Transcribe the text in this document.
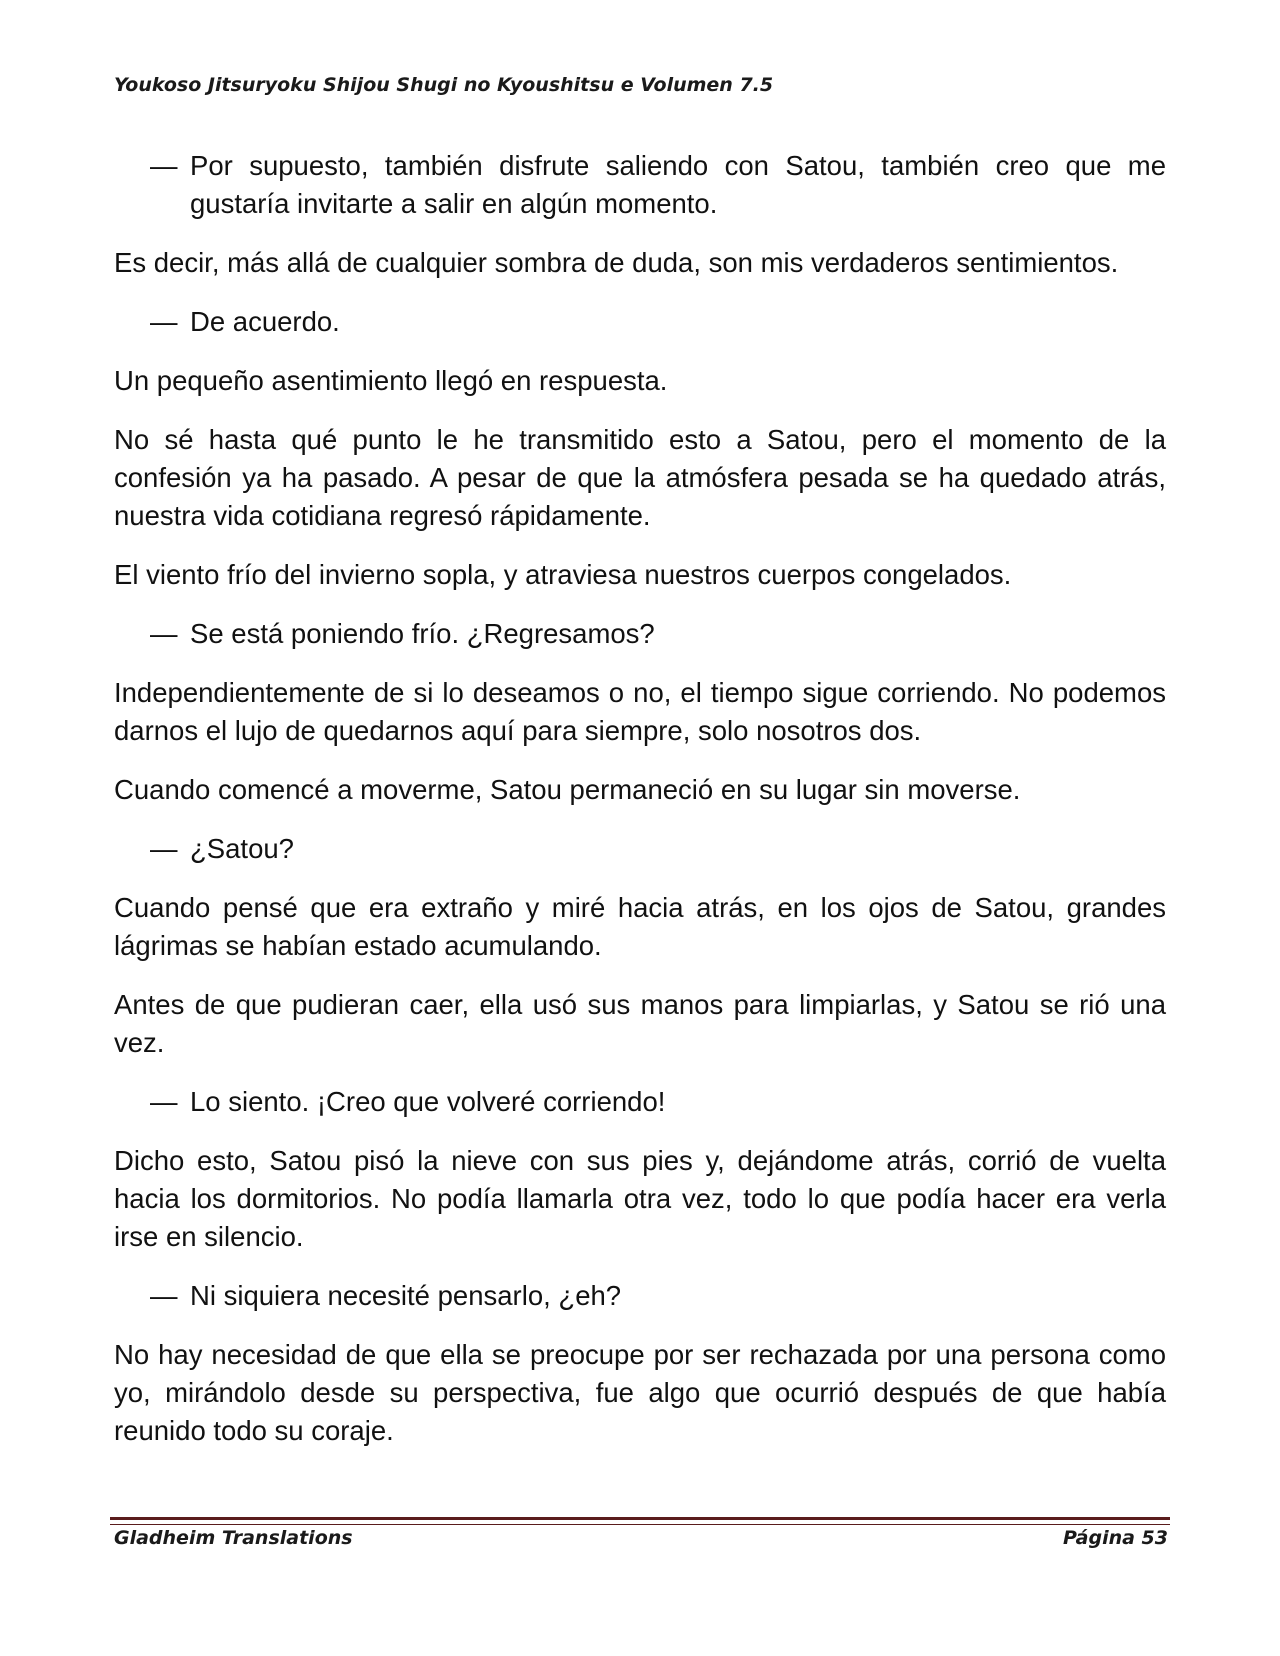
Youkoso Jitsuryoku Shijou Shugi no Kyoushitsu e Volumen 7.5

— Por supuesto, también disfrute saliendo con Satou, también creo que me gustaría invitarte a salir en algún momento.

Es decir, más allá de cualquier sombra de duda, son mis verdaderos sentimientos.

— De acuerdo.

Un pequeño asentimiento llegó en respuesta.

No sé hasta qué punto le he transmitido esto a Satou, pero el momento de la confesión ya ha pasado. A pesar de que la atmósfera pesada se ha quedado atrás, nuestra vida cotidiana regresó rápidamente.

El viento frío del invierno sopla, y atraviesa nuestros cuerpos congelados.

— Se está poniendo frío. ¿Regresamos?

Independientemente de si lo deseamos o no, el tiempo sigue corriendo. No podemos darnos el lujo de quedarnos aquí para siempre, solo nosotros dos.

Cuando comencé a moverme, Satou permaneció en su lugar sin moverse.

— ¿Satou?

Cuando pensé que era extraño y miré hacia atrás, en los ojos de Satou, grandes lágrimas se habían estado acumulando.

Antes de que pudieran caer, ella usó sus manos para limpiarlas, y Satou se rió una vez.

— Lo siento. ¡Creo que volveré corriendo!

Dicho esto, Satou pisó la nieve con sus pies y, dejándome atrás, corrió de vuelta hacia los dormitorios. No podía llamarla otra vez, todo lo que podía hacer era verla irse en silencio.

— Ni siquiera necesité pensarlo, ¿eh?

No hay necesidad de que ella se preocupe por ser rechazada por una persona como yo, mirándolo desde su perspectiva, fue algo que ocurrió después de que había reunido todo su coraje.

Gladheim Translations	Página 53
